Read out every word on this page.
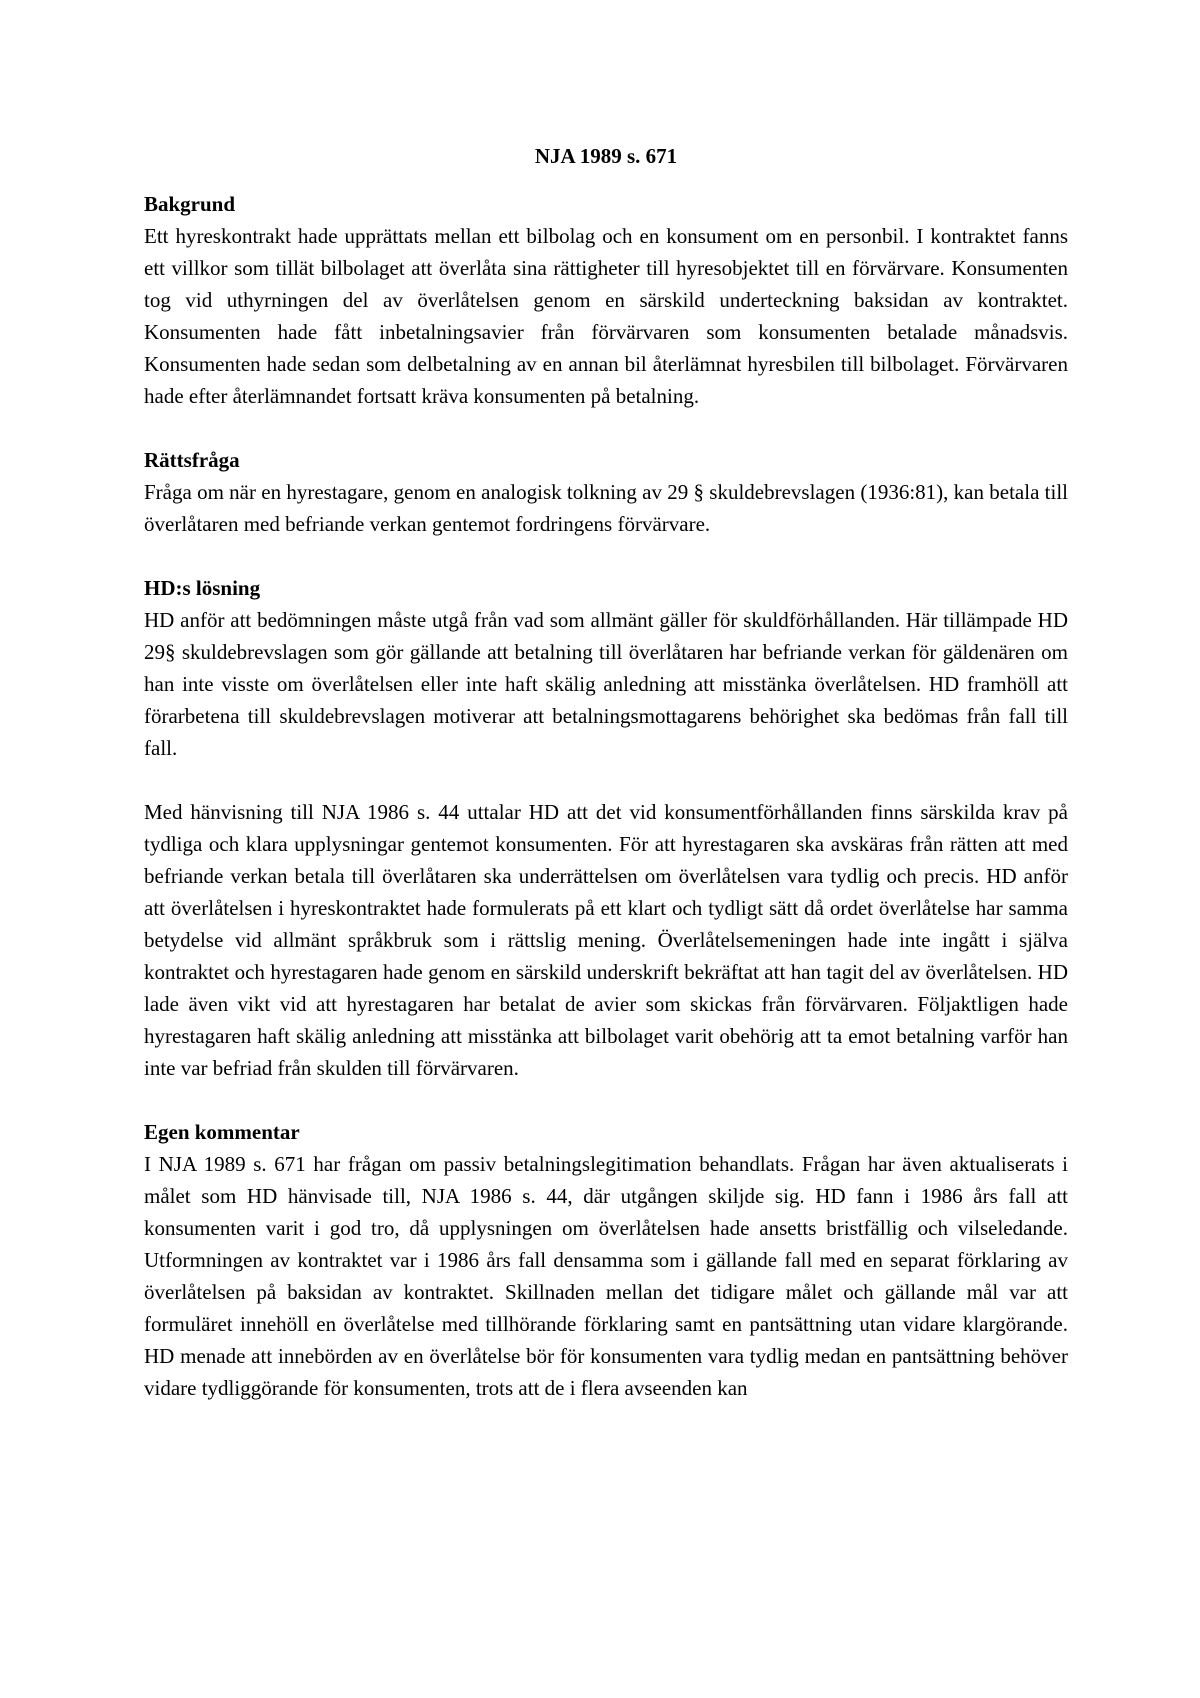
NJA 1989 s. 671
Bakgrund

Ett hyreskontrakt hade upprättats mellan ett bilbolag och en konsument om en personbil. I kontraktet fanns ett villkor som tillät bilbolaget att överlåta sina rättigheter till hyresobjektet till en förvärvare. Konsumenten tog vid uthyrningen del av överlåtelsen genom en särskild underteckning baksidan av kontraktet. Konsumenten hade fått inbetalningsavier från förvärvaren som konsumenten betalade månadsvis. Konsumenten hade sedan som delbetalning av en annan bil återlämnat hyresbilen till bilbolaget. Förvärvaren hade efter återlämnandet fortsatt kräva konsumenten på betalning.

Rättsfråga

Fråga om när en hyrestagare, genom en analogisk tolkning av 29 § skuldebrevslagen (1936:81), kan betala till överlåtaren med befriande verkan gentemot fordringens förvärvare.

HD:s lösning

HD anför att bedömningen måste utgå från vad som allmänt gäller för skuldförhållanden. Här tillämpade HD 29§ skuldebrevslagen som gör gällande att betalning till överlåtaren har befriande verkan för gäldenären om han inte visste om överlåtelsen eller inte haft skälig anledning att misstänka överlåtelsen. HD framhöll att förarbetena till skuldebrevslagen motiverar att betalningsmottagarens behörighet ska bedömas från fall till fall.

Med hänvisning till NJA 1986 s. 44 uttalar HD att det vid konsumentförhållanden finns särskilda krav på tydliga och klara upplysningar gentemot konsumenten. För att hyrestagaren ska avskäras från rätten att med befriande verkan betala till överlåtaren ska underrättelsen om överlåtelsen vara tydlig och precis. HD anför att överlåtelsen i hyreskontraktet hade formulerats på ett klart och tydligt sätt då ordet överlåtelse har samma betydelse vid allmänt språkbruk som i rättslig mening. Överlåtelsemeningen hade inte ingått i själva kontraktet och hyrestagaren hade genom en särskild underskrift bekräftat att han tagit del av överlåtelsen. HD lade även vikt vid att hyrestagaren har betalat de avier som skickas från förvärvaren. Följaktligen hade hyrestagaren haft skälig anledning att misstänka att bilbolaget varit obehörig att ta emot betalning varför han inte var befriad från skulden till förvärvaren.

Egen kommentar

I NJA 1989 s. 671 har frågan om passiv betalningslegitimation behandlats. Frågan har även aktualiserats i målet som HD hänvisade till, NJA 1986 s. 44, där utgången skiljde sig. HD fann i 1986 års fall att konsumenten varit i god tro, då upplysningen om överlåtelsen hade ansetts bristfällig och vilseledande. Utformningen av kontraktet var i 1986 års fall densamma som i gällande fall med en separat förklaring av överlåtelsen på baksidan av kontraktet. Skillnaden mellan det tidigare målet och gällande mål var att formuläret innehöll en överlåtelse med tillhörande förklaring samt en pantsättning utan vidare klargörande. HD menade att innebörden av en överlåtelse bör för konsumenten vara tydlig medan en pantsättning behöver vidare tydliggörande för konsumenten, trots att de i flera avseenden kan
